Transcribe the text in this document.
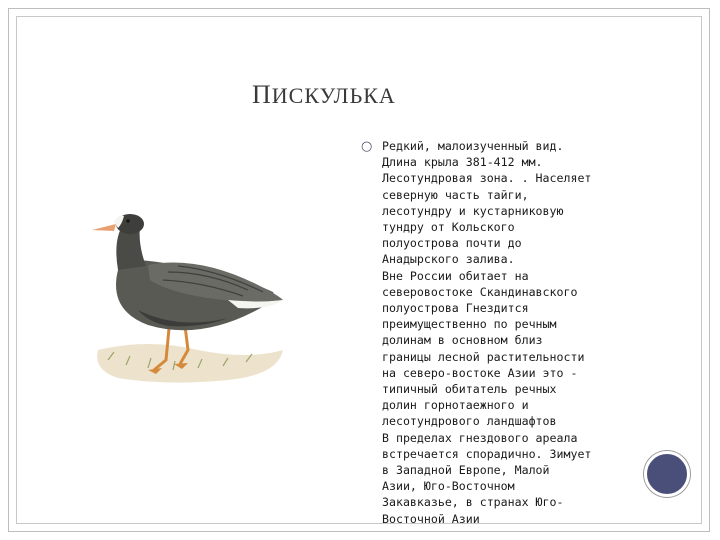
ПИСКУЛЬКА
○ Редкий, малоизученный вид.
Длина крыла 381-412 мм.
Лесотундровая зона. . Населяет
северную часть тайги,
лесотундру и кустарниковую
тундру от Кольского
полуострова почти до
Анадырского залива.
Вне России обитает на
северовостоке Скандинавского
полуострова Гнездится
преимущественно по речным
долинам в основном близ
границы лесной растительности
на северо-востоке Азии это -
типичный обитатель речных
долин горнотаежного и
лесотундрового ландшафтов
В пределах гнездового ареала
встречается спорадично. Зимует
в Западной Европе, Малой
Азии, Юго-Восточном
Закавказье, в странах Юго-
Восточной Азии
